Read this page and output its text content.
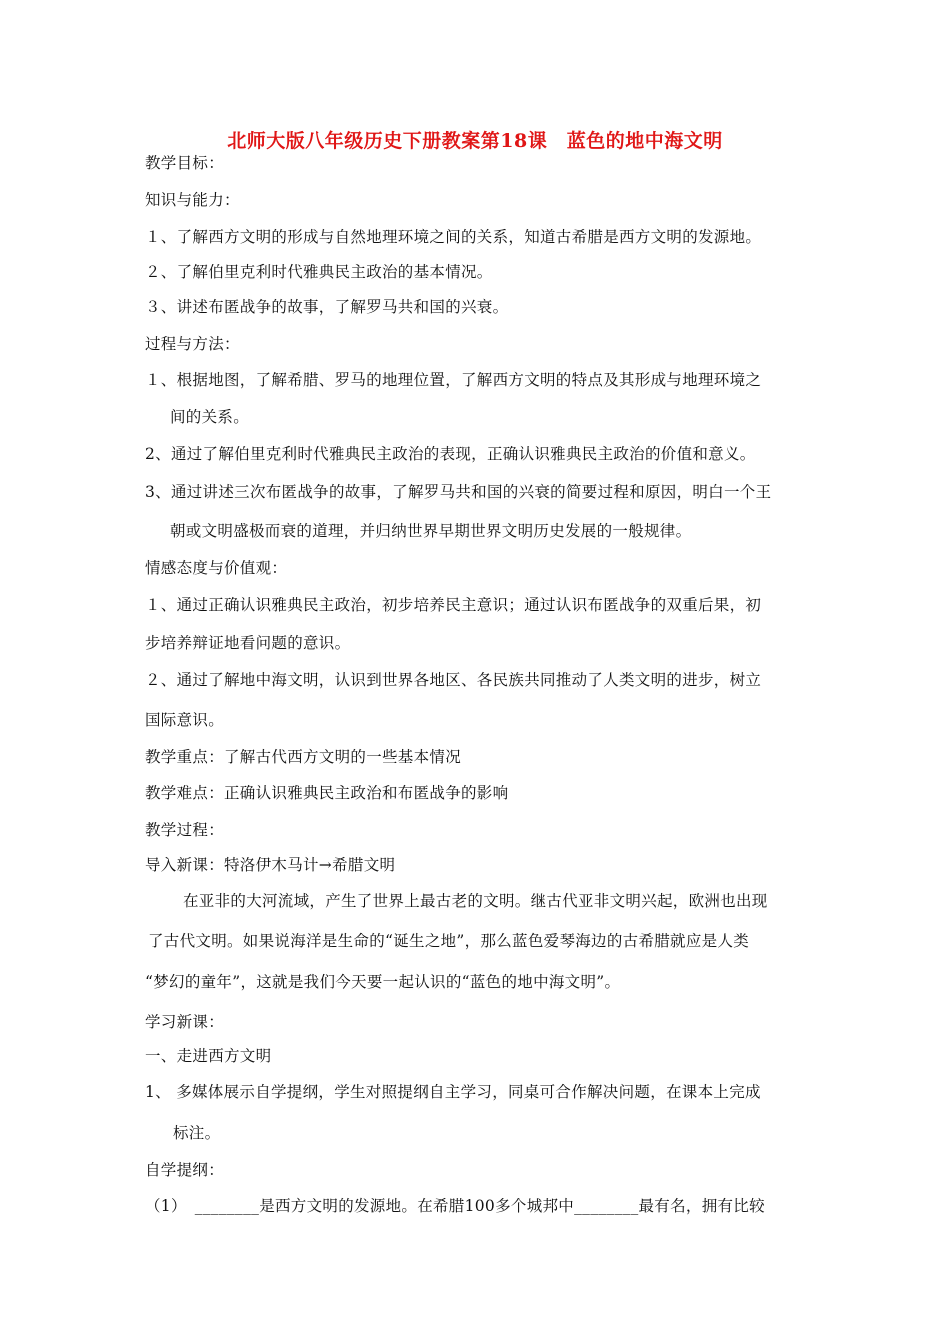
北师大版八年级历史下册教案第18课　蓝色的地中海文明
教学目标：
知识与能力：
１、了解西方文明的形成与自然地理环境之间的关系，知道古希腊是西方文明的发源地。
２、了解伯里克利时代雅典民主政治的基本情况。
３、讲述布匿战争的故事，了解罗马共和国的兴衰。
过程与方法：
１、根据地图，了解希腊、罗马的地理位置，了解西方文明的特点及其形成与地理环境之
间的关系。
2、通过了解伯里克利时代雅典民主政治的表现，正确认识雅典民主政治的价值和意义。
3、通过讲述三次布匿战争的故事，了解罗马共和国的兴衰的简要过程和原因，明白一个王
朝或文明盛极而衰的道理，并归纳世界早期世界文明历史发展的一般规律。
情感态度与价值观：
１、通过正确认识雅典民主政治，初步培养民主意识；通过认识布匿战争的双重后果，初
步培养辩证地看问题的意识。
２、通过了解地中海文明，认识到世界各地区、各民族共同推动了人类文明的进步，树立
国际意识。
教学重点：了解古代西方文明的一些基本情况
教学难点：正确认识雅典民主政治和布匿战争的影响
教学过程：
导入新课：特洛伊木马计→希腊文明
在亚非的大河流域，产生了世界上最古老的文明。继古代亚非文明兴起，欧洲也出现
了古代文明。如果说海洋是生命的“诞生之地”，那么蓝色爱琴海边的古希腊就应是人类
“梦幻的童年”，这就是我们今天要一起认识的“蓝色的地中海文明”。
学习新课：
一、走进西方文明
1、 多媒体展示自学提纲，学生对照提纲自主学习，同桌可合作解决问题，在课本上完成
标注。
自学提纲：
（1）　________是西方文明的发源地。在希腊100多个城邦中________最有名，拥有比较
